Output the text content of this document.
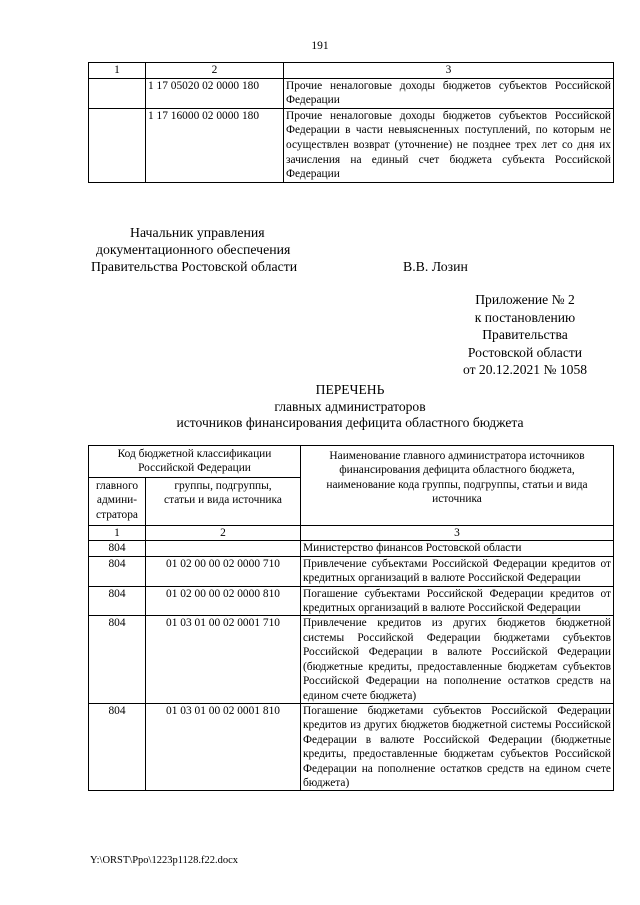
191
1	2	3
	1 17 05020 02 0000 180	Прочие неналоговые доходы бюджетов субъектов Российской Федерации
	1 17 16000 02 0000 180	Прочие неналоговые доходы бюджетов субъектов Российской Федерации в части невыясненных поступлений, по которым не осуществлен возврат (уточнение) не позднее трех лет со дня их зачисления на единый счет бюджета субъекта Российской Федерации
Начальник управления
документационного обеспечения
Правительства Ростовской области	В.В. Лозин
Приложение № 2
к постановлению
Правительства
Ростовской области
от 20.12.2021 № 1058
ПЕРЕЧЕНЬ
главных администраторов
источников финансирования дефицита областного бюджета
Код бюджетной классификации Российской Федерации		Наименование главного администратора источников финансирования дефицита областного бюджета, наименование кода группы, подгруппы, статьи и вида источника
главного админи-стратора	группы, подгруппы, статьи и вида источника	
1	2	3
804		Министерство финансов Ростовской области
804	01 02 00 00 02 0000 710	Привлечение субъектами Российской Федерации кредитов от кредитных организаций в валюте Российской Федерации
804	01 02 00 00 02 0000 810	Погашение субъектами Российской Федерации кредитов от кредитных организаций в валюте Российской Федерации
804	01 03 01 00 02 0001 710	Привлечение кредитов из других бюджетов бюджетной системы Российской Федерации бюджетами субъектов Российской Федерации в валюте Российской Федерации (бюджетные кредиты, предоставленные бюджетам субъектов Российской Федерации на пополнение остатков средств на едином счете бюджета)
804	01 03 01 00 02 0001 810	Погашение бюджетами субъектов Российской Федерации кредитов из других бюджетов бюджетной системы Российской Федерации в валюте Российской Федерации (бюджетные кредиты, предоставленные бюджетам субъектов Российской Федерации на пополнение остатков средств на едином счете бюджета)
Y:\ORST\Ppo\1223p1128.f22.docx
